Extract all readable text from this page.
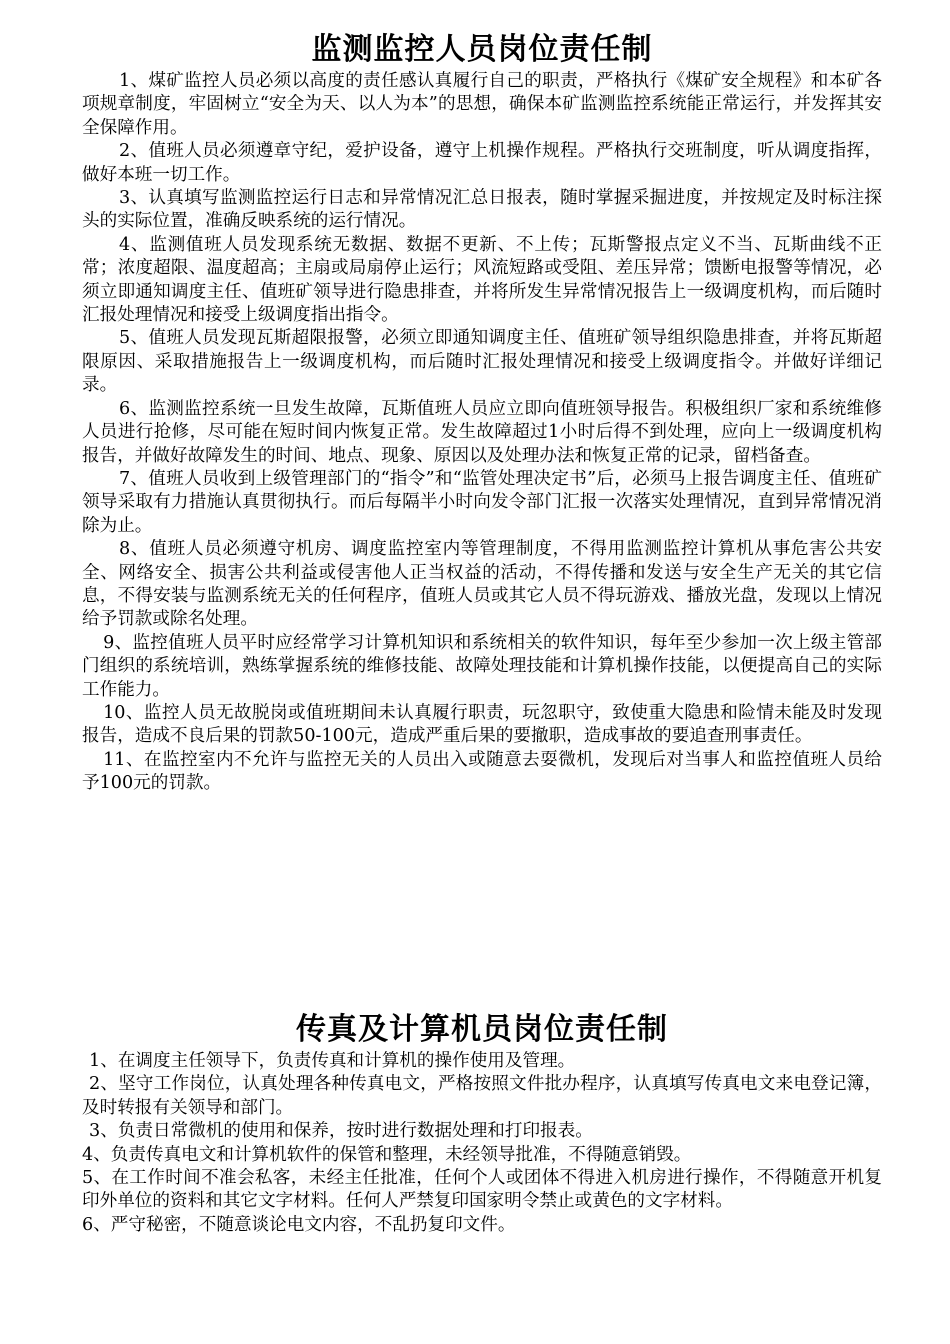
监测监控人员岗位责任制

1、煤矿监控人员必须以高度的责任感认真履行自己的职责，严格执行《煤矿安全规程》和本矿各项规章制度，牢固树立“安全为天、以人为本”的思想，确保本矿监测监控系统能正常运行，并发挥其安全保障作用。

2、值班人员必须遵章守纪，爱护设备，遵守上机操作规程。严格执行交班制度，听从调度指挥，做好本班一切工作。

3、认真填写监测监控运行日志和异常情况汇总日报表，随时掌握采掘进度，并按规定及时标注探头的实际位置，准确反映系统的运行情况。

4、监测值班人员发现系统无数据、数据不更新、不上传；瓦斯警报点定义不当、瓦斯曲线不正常；浓度超限、温度超高；主扇或局扇停止运行；风流短路或受阻、差压异常；馈断电报警等情况，必须立即通知调度主任、值班矿领导进行隐患排查，并将所发生异常情况报告上一级调度机构，而后随时汇报处理情况和接受上级调度指出指令。

5、值班人员发现瓦斯超限报警，必须立即通知调度主任、值班矿领导组织隐患排查，并将瓦斯超限原因、采取措施报告上一级调度机构，而后随时汇报处理情况和接受上级调度指令。并做好详细记录。

6、监测监控系统一旦发生故障，瓦斯值班人员应立即向值班领导报告。积极组织厂家和系统维修人员进行抢修，尽可能在短时间内恢复正常。发生故障超过1小时后得不到处理，应向上一级调度机构报告，并做好故障发生的时间、地点、现象、原因以及处理办法和恢复正常的记录，留档备查。

7、值班人员收到上级管理部门的“指令”和“监管处理决定书”后，必须马上报告调度主任、值班矿领导采取有力措施认真贯彻执行。而后每隔半小时向发令部门汇报一次落实处理情况，直到异常情况消除为止。

8、值班人员必须遵守机房、调度监控室内等管理制度，不得用监测监控计算机从事危害公共安全、网络安全、损害公共利益或侵害他人正当权益的活动，不得传播和发送与安全生产无关的其它信息，不得安装与监测系统无关的任何程序，值班人员或其它人员不得玩游戏、播放光盘，发现以上情况给予罚款或除名处理。

9、监控值班人员平时应经常学习计算机知识和系统相关的软件知识，每年至少参加一次上级主管部门组织的系统培训，熟练掌握系统的维修技能、故障处理技能和计算机操作技能，以便提高自己的实际工作能力。

10、监控人员无故脱岗或值班期间未认真履行职责，玩忽职守，致使重大隐患和险情未能及时发现报告，造成不良后果的罚款50-100元，造成严重后果的要撤职，造成事故的要追查刑事责任。

11、在监控室内不允许与监控无关的人员出入或随意去耍微机，发现后对当事人和监控值班人员给予100元的罚款。

传真及计算机员岗位责任制

1、在调度主任领导下，负责传真和计算机的操作使用及管理。

2、坚守工作岗位，认真处理各种传真电文，严格按照文件批办程序，认真填写传真电文来电登记簿，及时转报有关领导和部门。

3、负责日常微机的使用和保养，按时进行数据处理和打印报表。

4、负责传真电文和计算机软件的保管和整理，未经领导批准，不得随意销毁。

5、在工作时间不准会私客，未经主任批准，任何个人或团体不得进入机房进行操作，不得随意开机复印外单位的资料和其它文字材料。任何人严禁复印国家明令禁止或黄色的文字材料。

6、严守秘密，不随意谈论电文内容，不乱扔复印文件。
